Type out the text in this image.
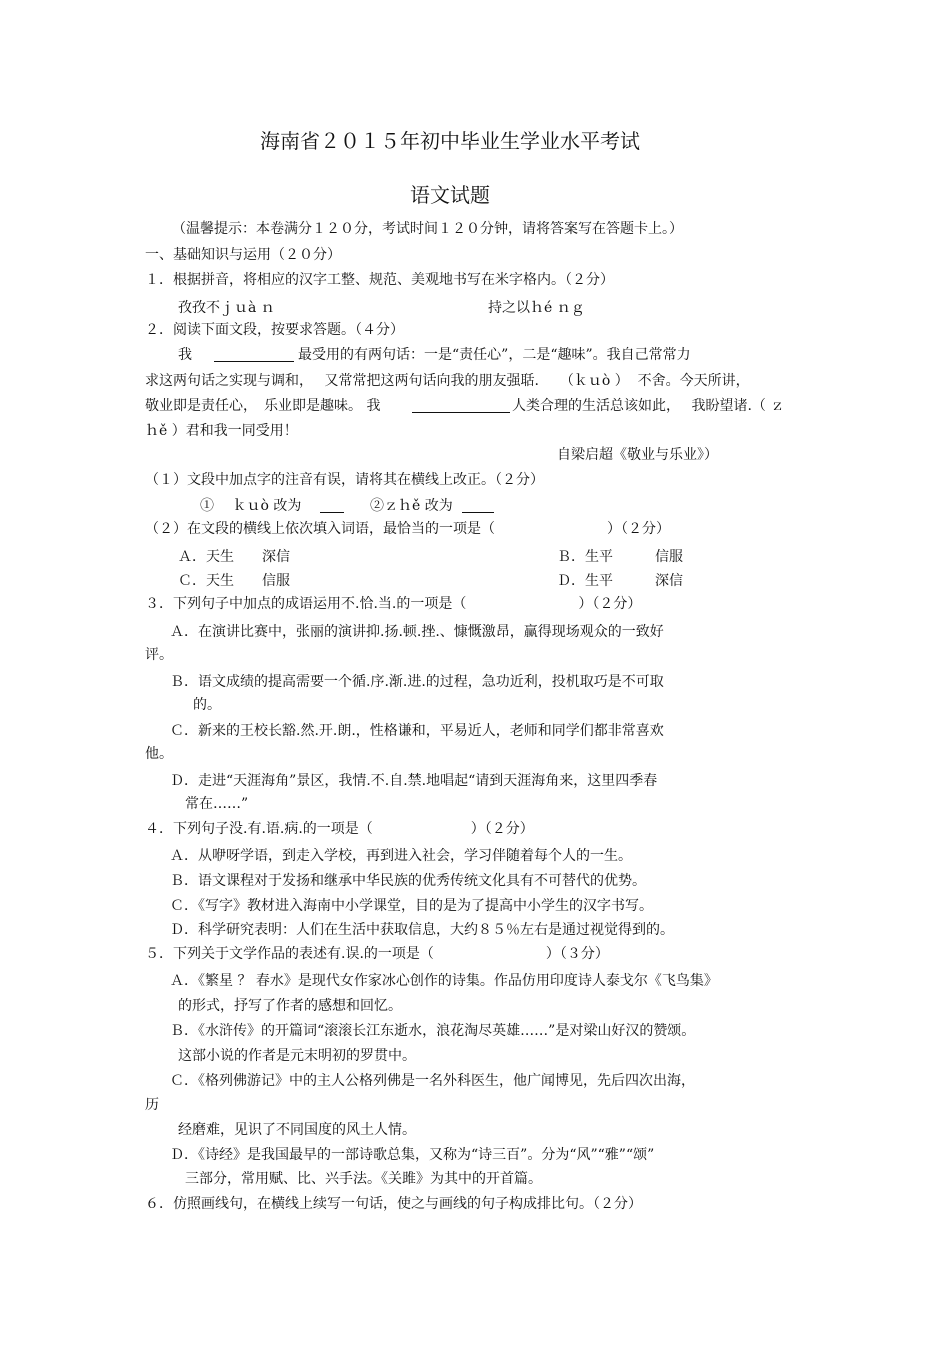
海南省２０１５年初中毕业生学业水平考试
语文试题
（温馨提示：本卷满分１２０分，考试时间１２０分钟，请将答案写在答题卡上。）
一、基础知识与运用（２０分）
１．根据拼音，将相应的汉字工整、规范、美观地书写在米字格内。（２分）
孜孜不ｊｕà ｎ	持之以ｈé ｎｇ
２．阅读下面文段，按要求答题。（４分）
我	最受用的有两句话：一是“责任心”，二是“趣味”。我自己常常力
求这两句话之实现与调和，　 又常常把这两句话向我的朋友强聒.　　（ｋｕò ）  不舍。今天所讲，
敬业即是责任心，　乐业即是趣味。 我	人类合理的生活总该如此，　 我盼望诸.（ ｚ
ｈě ）君和我一同受用！
自梁启超《敬业与乐业》）
（１）文段中加点字的注音有误，请将其在横线上改正。（２分）
①　 ｋｕò 改为	②ｚｈě 改为
（２）在文段的横线上依次填入词语，最恰当的一项是（　　　　　　　　）（２分）
Ａ．天生　　深信	Ｂ．生平　　　信服
Ｃ．天生　　信服	Ｄ．生平　　　深信
３．下列句子中加点的成语运用不.恰.当.的一项是（　　　　　　　　）（２分）
Ａ．在演讲比赛中，张丽的演讲抑.扬.顿.挫.、慷慨激昂，赢得现场观众的一致好
评。
Ｂ．语文成绩的提高需要一个循.序.渐.进.的过程，急功近利，投机取巧是不可取
的。
Ｃ．新来的王校长豁.然.开.朗.，性格谦和，平易近人，老师和同学们都非常喜欢
他。
Ｄ．走进“天涯海角”景区，我情.不.自.禁.地唱起“请到天涯海角来，这里四季春
常在……”
４．下列句子没.有.语.病.的一项是（　　　　　　　）（２分）
Ａ．从咿呀学语，到走入学校，再到进入社会，学习伴随着每个人的一生。
Ｂ．语文课程对于发扬和继承中华民族的优秀传统文化具有不可替代的优势。
Ｃ．《写字》教材进入海南中小学课堂，目的是为了提高中小学生的汉字书写。
Ｄ．科学研究表明：人们在生活中获取信息，大约８５％左右是通过视觉得到的。
５．下列关于文学作品的表述有.误.的一项是（　　　　　　　　）（３分）
Ａ．《繁星 ？ 春水》是现代女作家冰心创作的诗集。作品仿用印度诗人泰戈尔《飞鸟集》
的形式，抒写了作者的感想和回忆。
Ｂ．《水浒传》的开篇词“滚滚长江东逝水，浪花淘尽英雄……”是对梁山好汉的赞颂。
这部小说的作者是元末明初的罗贯中。
Ｃ．《格列佛游记》中的主人公格列佛是一名外科医生，他广闻博见，先后四次出海，
历
经磨难，见识了不同国度的风土人情。
Ｄ．《诗经》是我国最早的一部诗歌总集，又称为“诗三百”。分为“风”“雅”“颂”
三部分，常用赋、比、兴手法。《关雎》为其中的开首篇。
６．仿照画线句，在横线上续写一句话，使之与画线的句子构成排比句。（２分）
